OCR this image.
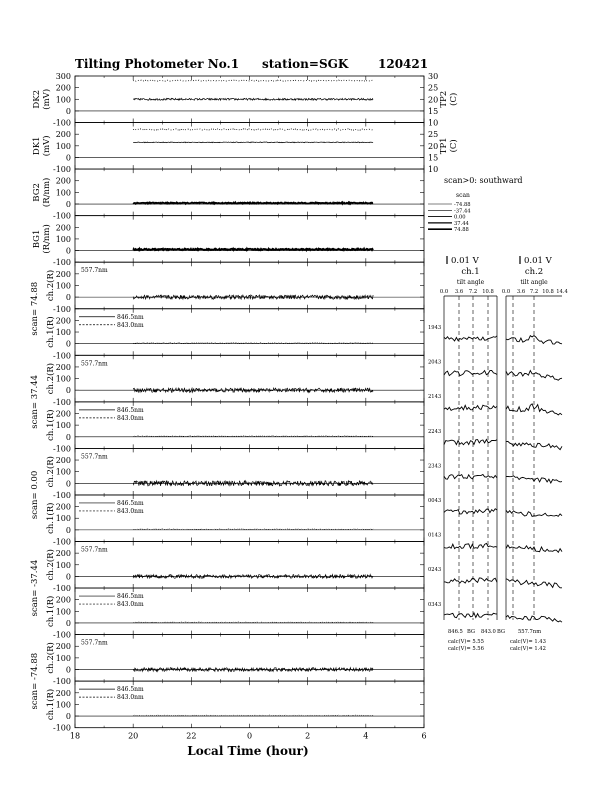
Tilting Photometer No.1 station=SGK 120421
Local Time (hour)
scan>0: southward
scan
300
200
100
0
-100
DK2 (mV)
30
25
20
15
10
TP2 (C)
200
100
0
-100
DK1 (mV)
25
20
15
10
TP1 (C)
200
100
0
-100
BG2 (R/nm)
200
100
0
-100
BG1 (R/nm)
200
100
0
-100
ch.2(R)
scan= 74.88
557.7nm
200
100
0
-100
ch.1(R)	846.5nm
843.0nm
200
100
0
-100
ch.2(R)
scan= 37.44
557.7nm
200
100
0
-100
ch.1(R)	846.5nm
843.0nm
200
100
0
-100
ch.2(R)
scan= 0.00
557.7nm
200
100
0
-100
ch.1(R)	846.5nm
843.0nm
200
100
0
-100
ch.2(R)
scan= -37.44
557.7nm
200
100
0
-100
ch.1(R)	846.5nm
843.0nm
200
100
0
-100
ch.2(R)
scan= -74.88
557.7nm
200
100
0
-100
ch.1(R)	846.5nm
843.0nm
18	20	22	0	2	4	6
-74.88
-37.44
0.00
37.44
74.88
0.01 V	0.01 V
ch.1	ch.2
tilt angle	tilt angle
0.0 3.6 7.2 10.8 0.0 3.6 7.2 10.8 14.4
1943
2043
2143
2243
2343
0043
0143
0243
0343
846.5 BG 843.0 BG 557.7nm
calc(V)= 5.55
calc(V)= 5.56
calc(V)= 1.43
calc(V)= 1.42
